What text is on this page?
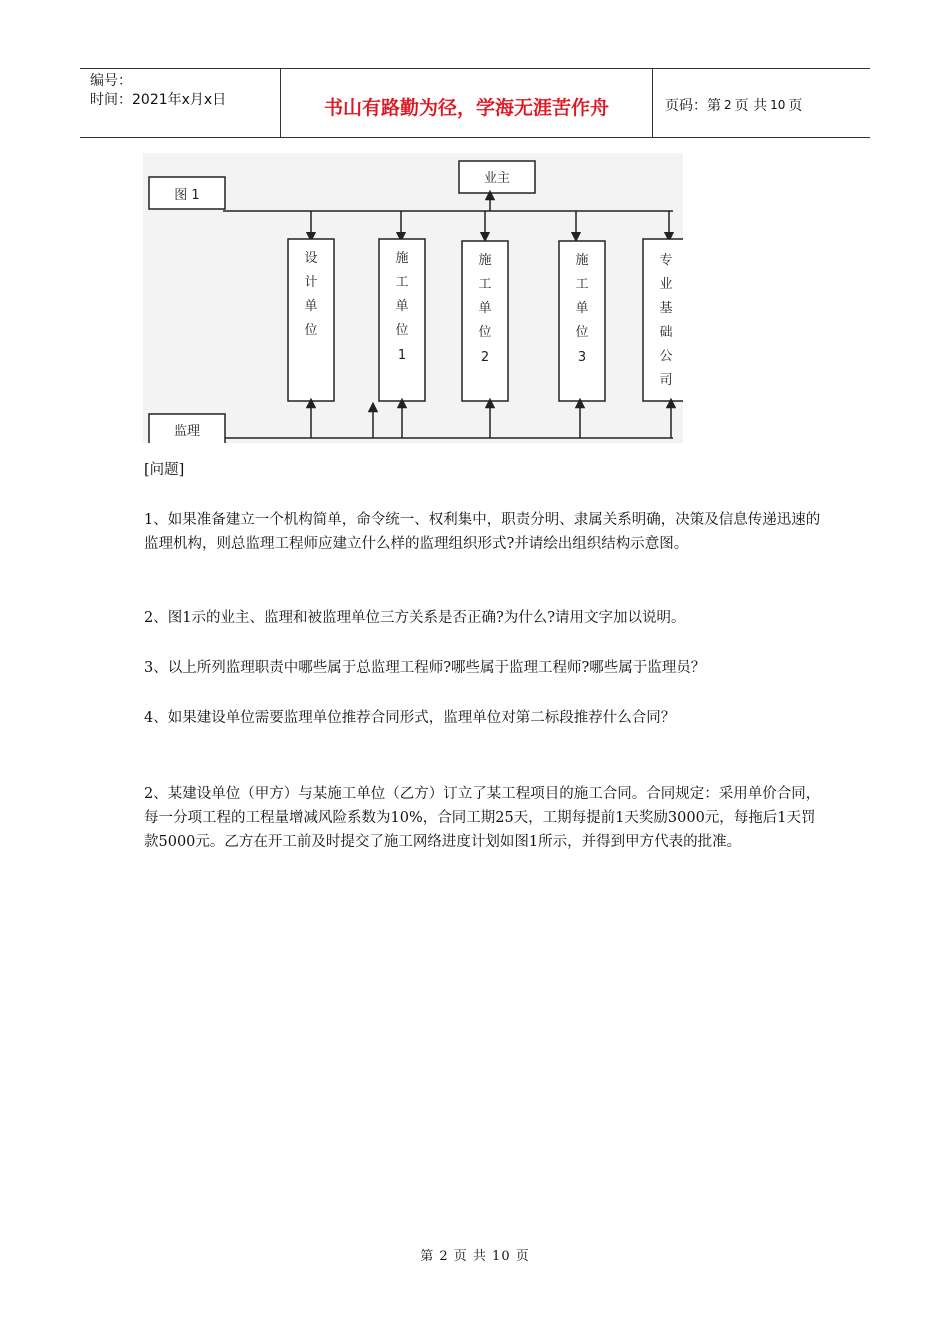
编号：
时间：2021年x月x日	书山有路勤为径，学海无涯苦作舟	页码：第 2 页 共 10 页
图 1
业主
设
计
单
位
施
工
单
位
1
施
工
单
位
2
施
工
单
位
3
专
业
基
础
公
司
监理
[问题]
1、如果准备建立一个机构简单，命令统一、权利集中，职责分明、隶属关系明确，决策及信息传递迅速的监理机构，则总监理工程师应建立什么样的监理组织形式?并请绘出组织结构示意图。
2、图1示的业主、监理和被监理单位三方关系是否正确?为什么?请用文字加以说明。
3、以上所列监理职责中哪些属于总监理工程师?哪些属于监理工程师?哪些属于监理员？
4、如果建设单位需要监理单位推荐合同形式，监理单位对第二标段推荐什么合同？
2、某建设单位（甲方）与某施工单位（乙方）订立了某工程项目的施工合同。合同规定：采用单价合同，每一分项工程的工程量增减风险系数为10%，合同工期25天，工期每提前1天奖励3000元，每拖后1天罚款5000元。乙方在开工前及时提交了施工网络进度计划如图1所示，并得到甲方代表的批准。
第 2 页 共 10 页
